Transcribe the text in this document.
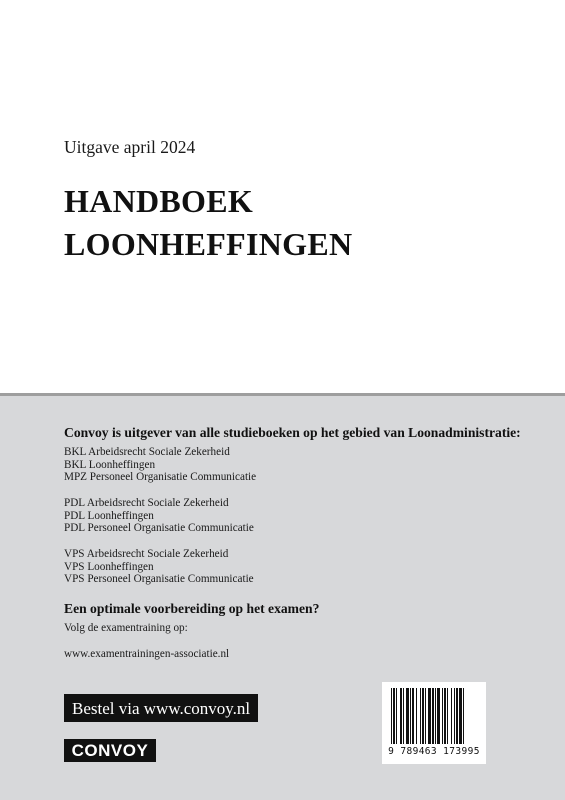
Uitgave april 2024
HANDBOEK
LOONHEFFINGEN
Convoy is uitgever van alle studieboeken op het gebied van Loonadministratie:
BKL Arbeidsrecht Sociale Zekerheid
BKL Loonheffingen
MPZ Personeel Organisatie Communicatie
PDL Arbeidsrecht Sociale Zekerheid
PDL Loonheffingen
PDL Personeel Organisatie Communicatie
VPS Arbeidsrecht Sociale Zekerheid
VPS Loonheffingen
VPS Personeel Organisatie Communicatie
Een optimale voorbereiding op het examen?
Volg de examentraining op:
www.examentrainingen-associatie.nl
Bestel via www.convoy.nl
CONVOY	9 789463 173995
